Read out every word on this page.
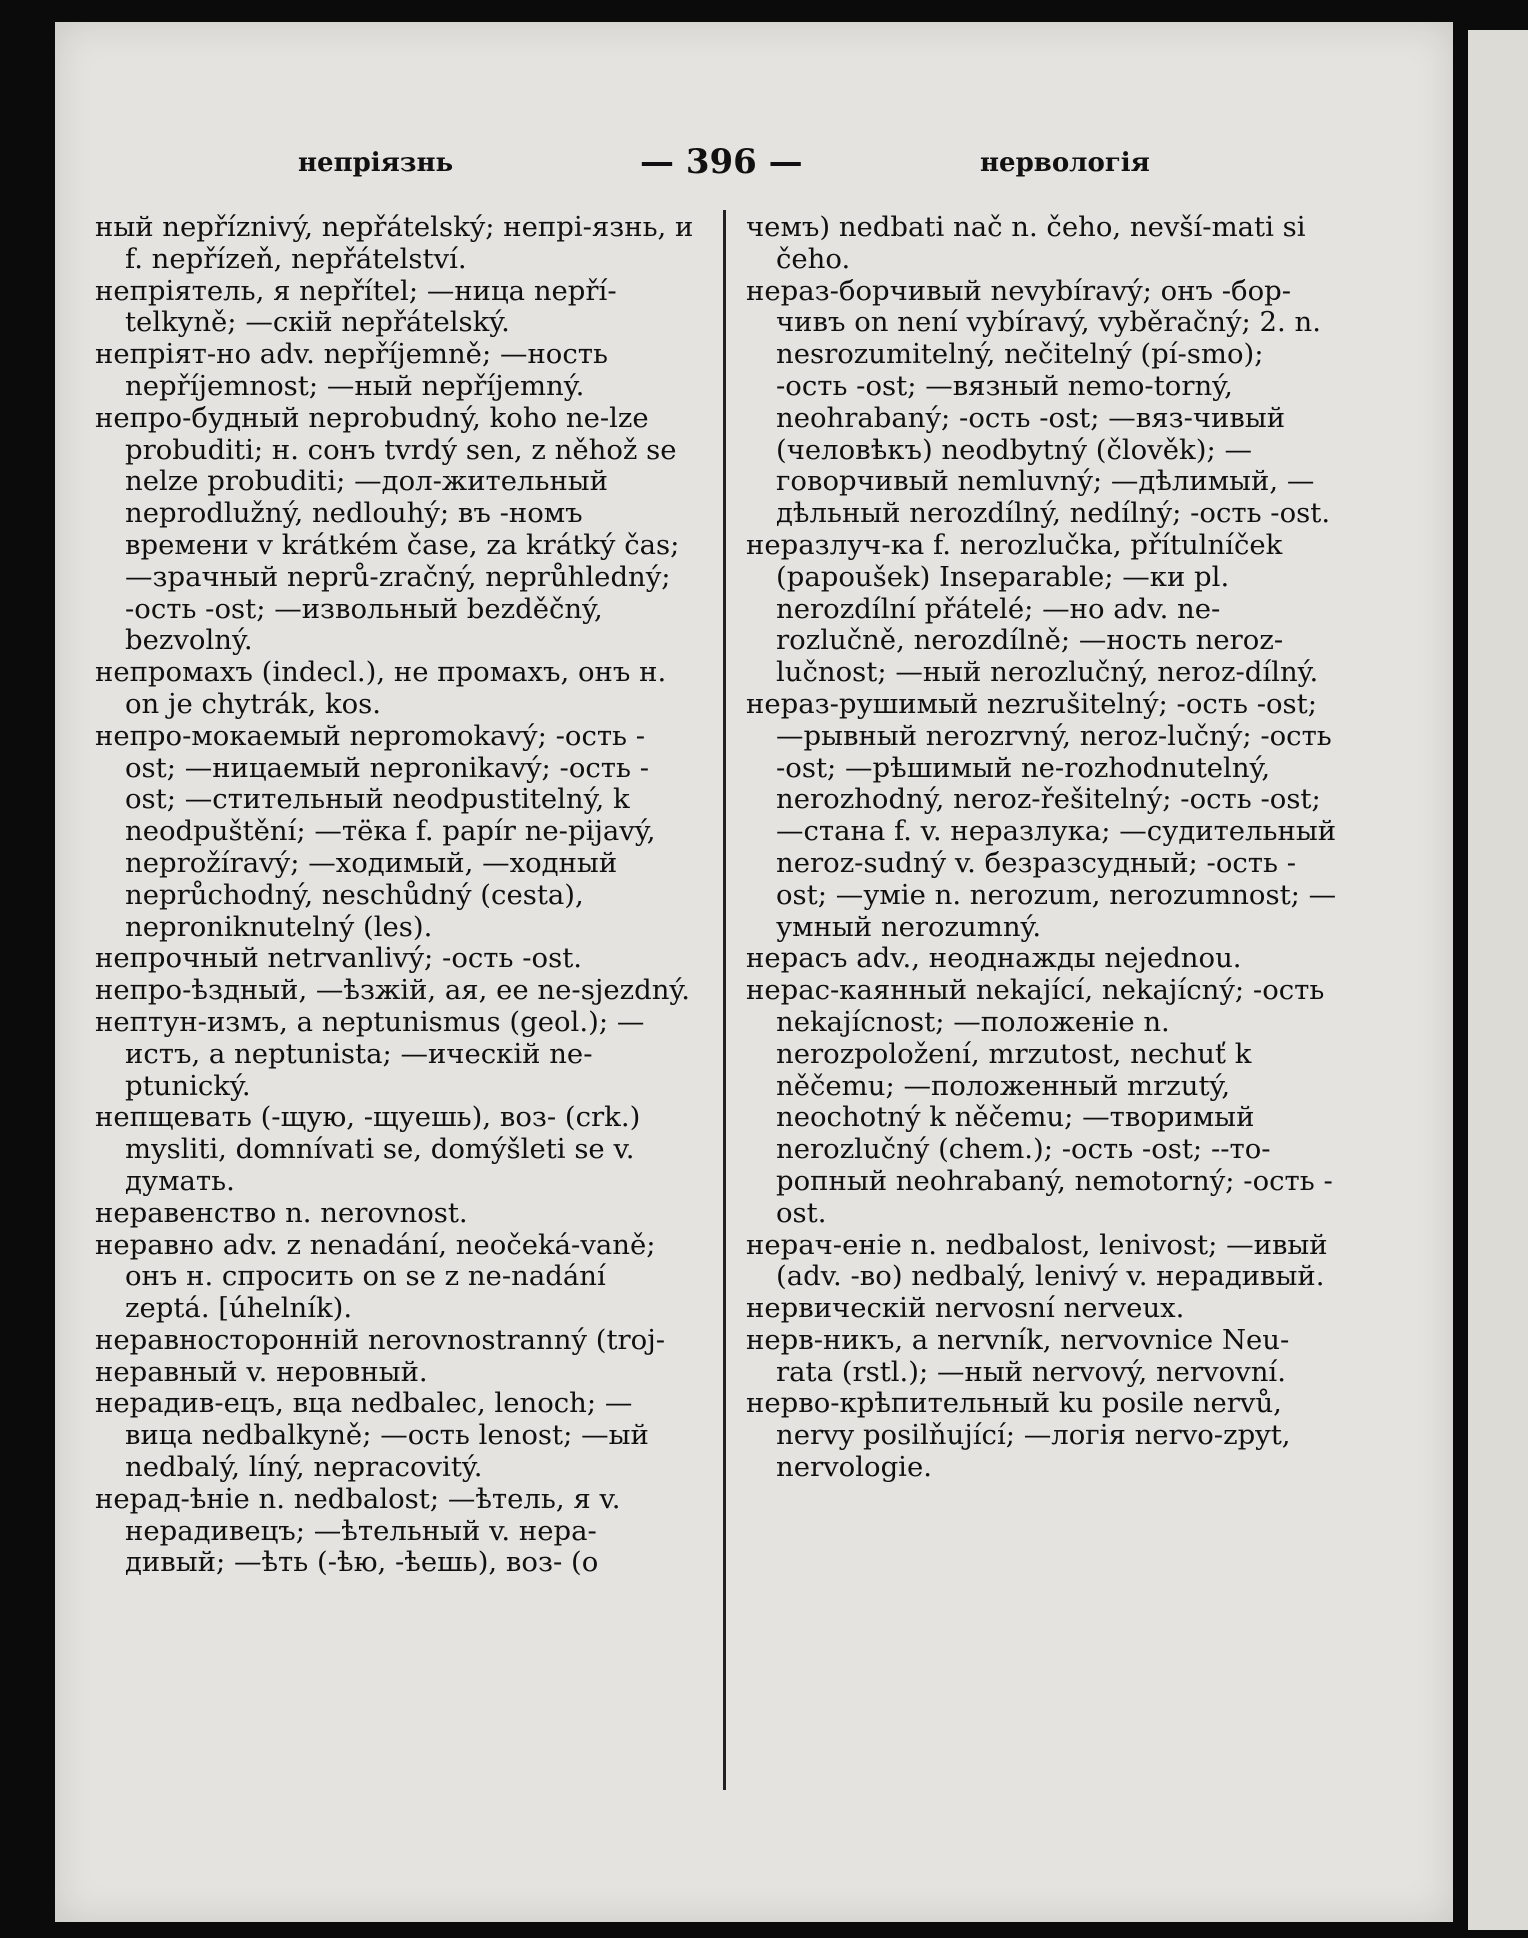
непріязнь	— 396 —	нервологія

ный nepříznivý, nepřátelský; непрі-язнь, и f. nepřízeň, nepřátelství.

непріятель, я nepřítel; —ница nepří-telkyně; —скій nepřátelský.

непріят-но adv. nepříjemně; —ность nepříjemnost; —ный nepříjemný.

непро-будный neprobudný, koho ne-lze probuditi; н. сонъ tvrdý sen, z něhož se nelze probuditi; —дол-жительный neprodlužný, nedlouhý; въ -номъ времени v krátkém čase, za krátký čas; —зрачный neprů-zračný, neprůhledný; -ость -ost; —извольный bezděčný, bezvolný.

непромахъ (indecl.), не промахъ, онъ н. on je chytrák, kos.

непро-мокаемый nepromokavý; -ость -ost; —ницаемый nepronikavý; -ость -ost; —стительный neodpustitelný, k neodpuštění; —тёка f. papír ne-pijavý, neprožíravý; —ходимый, —ходный neprůchodný, neschůdný (cesta), neproniknutelný (les).

непрочный netrvanlivý; -ость -ost.

непро-ѣздный, —ѣзжій, ая, ее ne-sjezdný.

нептун-измъ, а neptunismus (geol.); —истъ, а neptunista; —ическій ne-ptunický.

непщевать (-щую, -щуешь), воз- (crk.) mysliti, domnívati se, domýšleti se v. думать.

неравенство n. nerovnost.

неравно adv. z nenadání, neočeká-vaně; онъ н. спросить on se z ne-nadání zeptá. [úhelník).

неравносторонній nerovnostranný (troj-

неравный v. неровный.

нерадив-ецъ, вца nedbalec, lenoch; —вица nedbalkyně; —ость lenost; —ый nedbalý, líný, nepracovitý.

нерад-ѣніе n. nedbalost; —ѣтель, я v. нерадивецъ; —ѣтельный v. нера-дивый; —ѣть (-ѣю, -ѣешь), воз- (о

чемъ) nedbati nač n. čeho, nevší-mati si čeho.

нераз-борчивый nevybíravý; онъ -бор-чивъ on není vybíravý, vyběračný; 2. n. nesrozumitelný, nečitelný (pí-smo); -ость -ost; —вязный nemo-torný, neohrabaný; -ость -ost; —вяз-чивый (человѣкъ) neodbytný (člověk); —говорчивый nemluvný; —дѣлимый, —дѣльный nerozdílný, nedílný; -ость -ost.

неразлуч-ка f. nerozlučka, přítulníček (papoušek) Inseparable; —ки pl. nerozdílní přátelé; —но adv. ne-rozlučně, nerozdílně; —ность neroz-lučnost; —ный nerozlučný, neroz-dílný.

нераз-рушимый nezrušitelný; -ость -ost; —рывный nerozrvný, neroz-lučný; -ость -ost; —рѣшимый ne-rozhodnutelný, nerozhodný, neroz-řešitelný; -ость -ost; —стана f. v. неразлука; —судительный neroz-sudný v. безразсудный; -ость -ost; —уміе n. nerozum, nerozumnost; —умный nerozumný.

нерасъ adv., неоднажды nejednou.

нерас-каянный nekající, nekajícný; -ость nekajícnost; —положеніе n. nerozpoložení, mrzutost, nechuť k něčemu; —положенный mrzutý, neochotný k něčemu; —творимый nerozlučný (chem.); -ость -ost; --то-ропный neohrabaný, nemotorný; -ость -ost.

нерач-еніе n. nedbalost, lenivost; —ивый (adv. -во) nedbalý, lenivý v. нерадивый.

нервическій nervosní nerveux.

нерв-никъ, а nervník, nervovnice Neu-rata (rstl.); —ный nervový, nervovní.

нерво-крѣпительный ku posile nervů, nervy posilňující; —логія nervo-zpyt, nervologie.
